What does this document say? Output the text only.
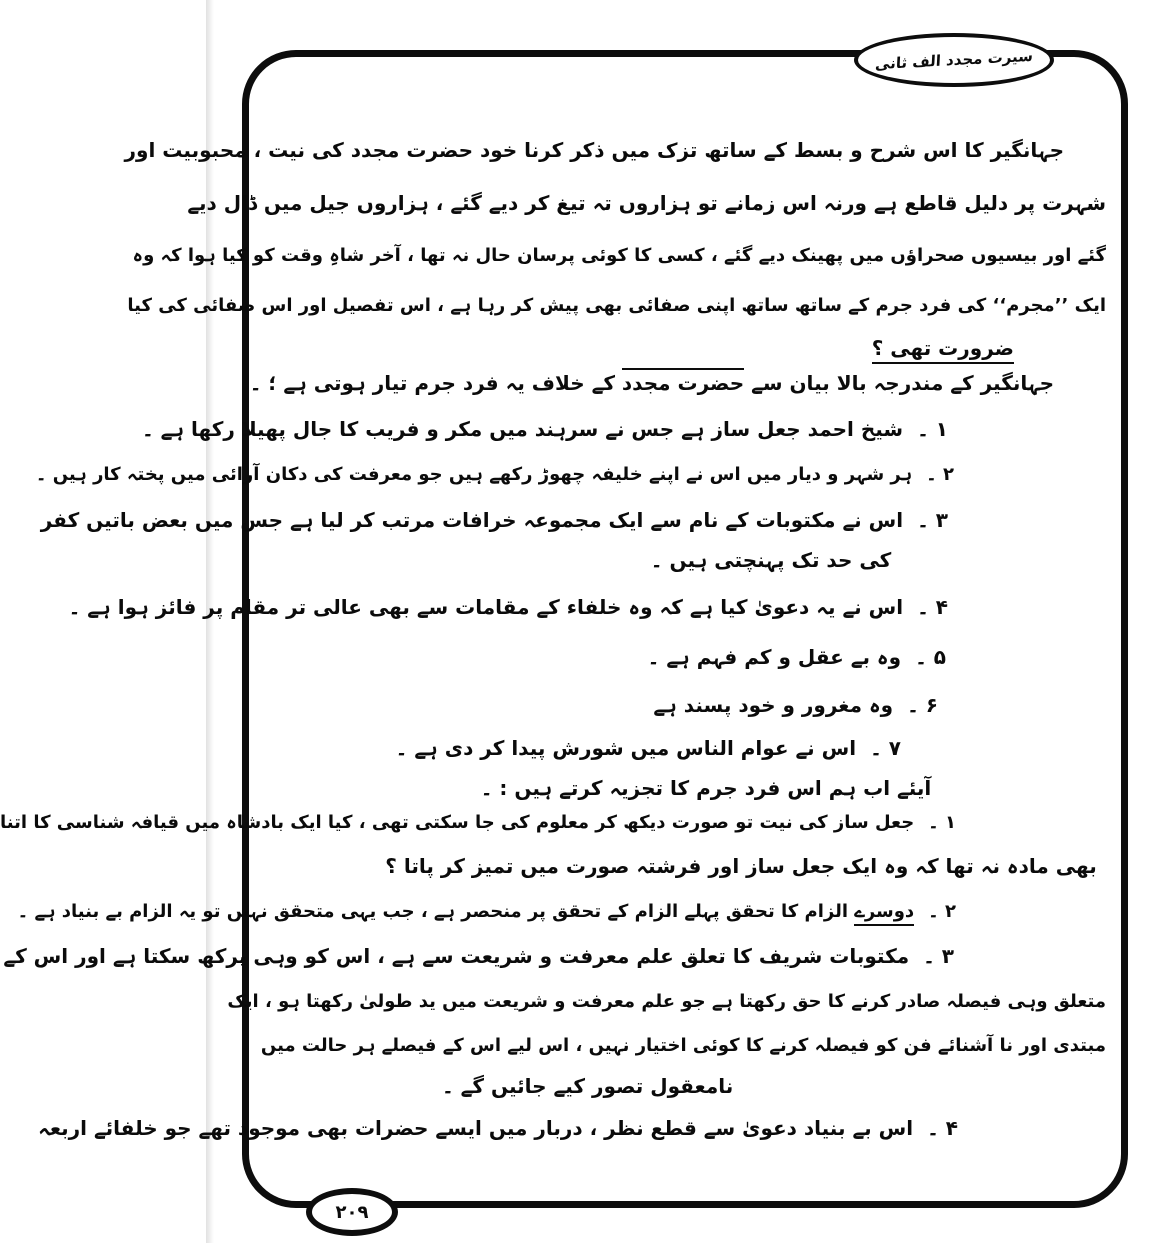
سیرت مجدد الف ثانی
جہانگیر کا اس شرح و بسط کے ساتھ تزک میں ذکر کرنا خود حضرت مجدد کی نیت ، محبوبیت اور
شہرت پر دلیل قاطع ہے ورنہ اس زمانے تو ہزاروں تہ تیغ کر دیے گئے ، ہزاروں جیل میں ڈال دیے
گئے اور بیسیوں صحراؤں میں پھینک دیے گئے ، کسی کا کوئی پرسان حال نہ تھا ، آخر شاہِ وقت کو کیا ہوا کہ وہ
ایک ’’مجرم‘‘ کی فرد جرم کے ساتھ ساتھ اپنی صفائی بھی پیش کر رہا ہے ، اس تفصیل اور اس صفائی کی کیا
ضرورت تھی ؟
جہانگیر کے مندرجہ بالا بیان سے حضرت مجدد کے خلاف یہ فرد جرم تیار ہوتی ہے ؛ ۔
۱ ۔شیخ احمد جعل ساز ہے جس نے سرہند میں مکر و فریب کا جال پھیلا رکھا ہے ۔
۲ ۔ہر شہر و دیار میں اس نے اپنے خلیفہ چھوڑ رکھے ہیں جو معرفت کی دکان آرائی میں پختہ کار ہیں ۔
۳ ۔اس نے مکتوبات کے نام سے ایک مجموعہ خرافات مرتب کر لیا ہے جس میں بعض باتیں کفر
کی حد تک پہنچتی ہیں ۔
۴ ۔اس نے یہ دعویٰ کیا ہے کہ وہ خلفاء کے مقامات سے بھی عالی تر مقام پر فائز ہوا ہے ۔
۵ ۔وہ بے عقل و کم فہم ہے ۔
۶ ۔وہ مغرور و خود پسند ہے
۷ ۔اس نے عوام الناس میں شورش پیدا کر دی ہے ۔
آیئے اب ہم اس فرد جرم کا تجزیہ کرتے ہیں : ۔
۱ ۔جعل ساز کی نیت تو صورت دیکھ کر معلوم کی جا سکتی تھی ، کیا ایک بادشاہ میں قیافہ شناسی کا اتنا
بھی مادہ نہ تھا کہ وہ ایک جعل ساز اور فرشتہ صورت میں تمیز کر پاتا ؟
۲ ۔دوسرے الزام کا تحقق پہلے الزام کے تحقق پر منحصر ہے ، جب یہی متحقق نہیں تو یہ الزام بے بنیاد ہے ۔
۳ ۔مکتوبات شریف کا تعلق علم معرفت و شریعت سے ہے ، اس کو وہی پرکھ سکتا ہے اور اس کے
متعلق وہی فیصلہ صادر کرنے کا حق رکھتا ہے جو علم معرفت و شریعت میں ید طولیٰ رکھتا ہو ، ایک
مبتدی اور نا آشنائے فن کو فیصلہ کرنے کا کوئی اختیار نہیں ، اس لیے اس کے فیصلے ہر حالت میں
نامعقول تصور کیے جائیں گے ۔
۴ ۔اس بے بنیاد دعویٰ سے قطع نظر ، دربار میں ایسے حضرات بھی موجود تھے جو خلفائے اربعہ
۲۰۹
